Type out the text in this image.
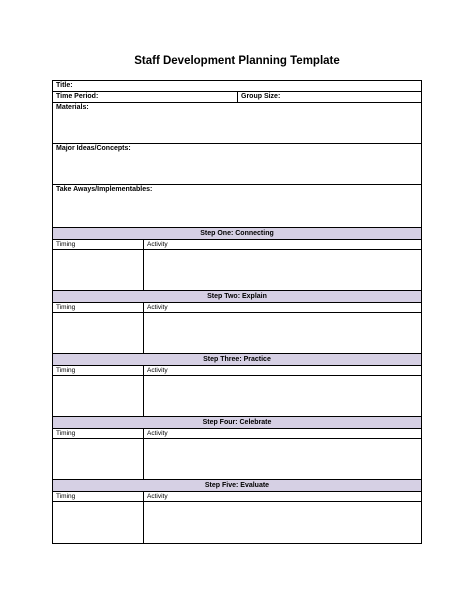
Staff Development Planning Template
Title:
Time Period:	Group Size:
Materials:
Major Ideas/Concepts:
Take Aways/Implementables:
Step One: Connecting
Timing	Activity
Step Two: Explain
Timing	Activity
Step Three: Practice
Timing	Activity
Step Four: Celebrate
Timing	Activity
Step Five: Evaluate
Timing	Activity
